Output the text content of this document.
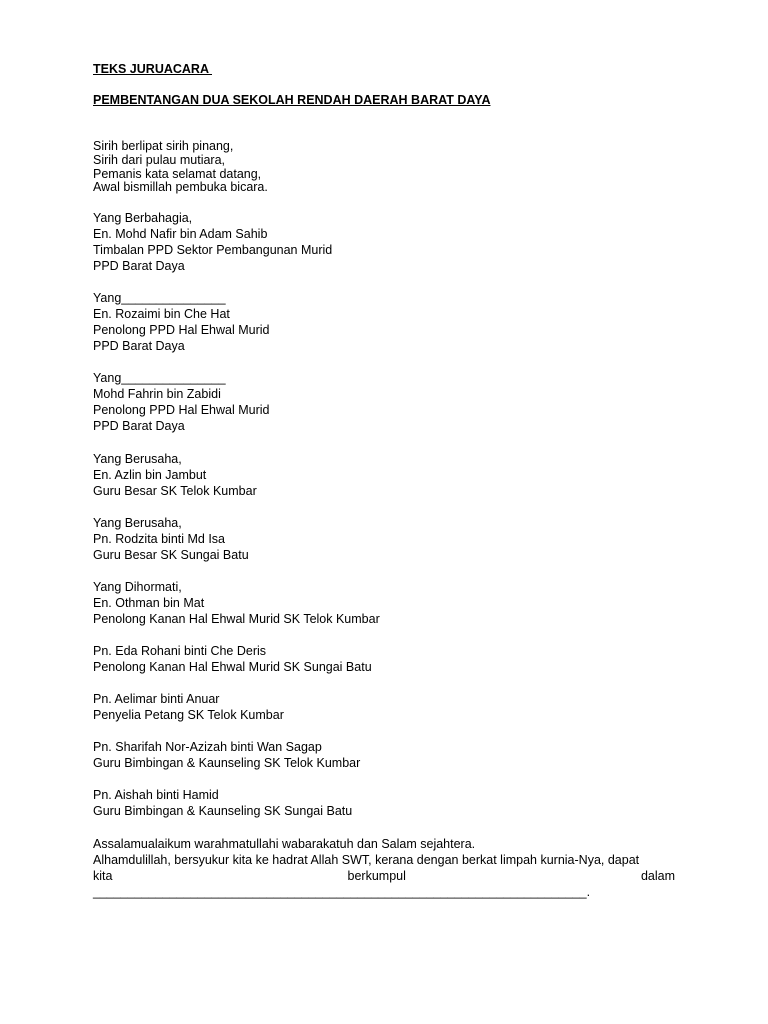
TEKS JURUACARA
PEMBENTANGAN DUA SEKOLAH RENDAH DAERAH BARAT DAYA
Sirih berlipat sirih pinang,
Sirih dari pulau mutiara,
Pemanis kata selamat datang,
Awal bismillah pembuka bicara.
Yang Berbahagia,
En. Mohd Nafir bin Adam Sahib
Timbalan PPD Sektor Pembangunan Murid
PPD Barat Daya
Yang_______________
En. Rozaimi bin Che Hat
Penolong PPD Hal Ehwal Murid
PPD Barat Daya
Yang_______________
Mohd Fahrin bin Zabidi
Penolong PPD Hal Ehwal Murid
PPD Barat Daya
Yang Berusaha,
En. Azlin bin Jambut
Guru Besar SK Telok Kumbar
Yang Berusaha,
Pn. Rodzita binti Md Isa
Guru Besar SK Sungai Batu
Yang Dihormati,
En. Othman bin Mat
Penolong Kanan Hal Ehwal Murid SK Telok Kumbar
Pn. Eda Rohani binti Che Deris
Penolong Kanan Hal Ehwal Murid SK Sungai Batu
Pn. Aelimar binti Anuar
Penyelia Petang SK Telok Kumbar
Pn. Sharifah Nor-Azizah binti Wan Sagap
Guru Bimbingan & Kaunseling SK Telok Kumbar
Pn. Aishah binti Hamid
Guru Bimbingan & Kaunseling SK Sungai Batu
Assalamualaikum warahmatullahi wabarakatuh dan Salam sejahtera.
Alhamdulillah, bersyukur kita ke hadrat Allah SWT, kerana dengan berkat limpah kurnia-Nya, dapat
kita	berkumpul	dalam
_______________________________________________________________________.
